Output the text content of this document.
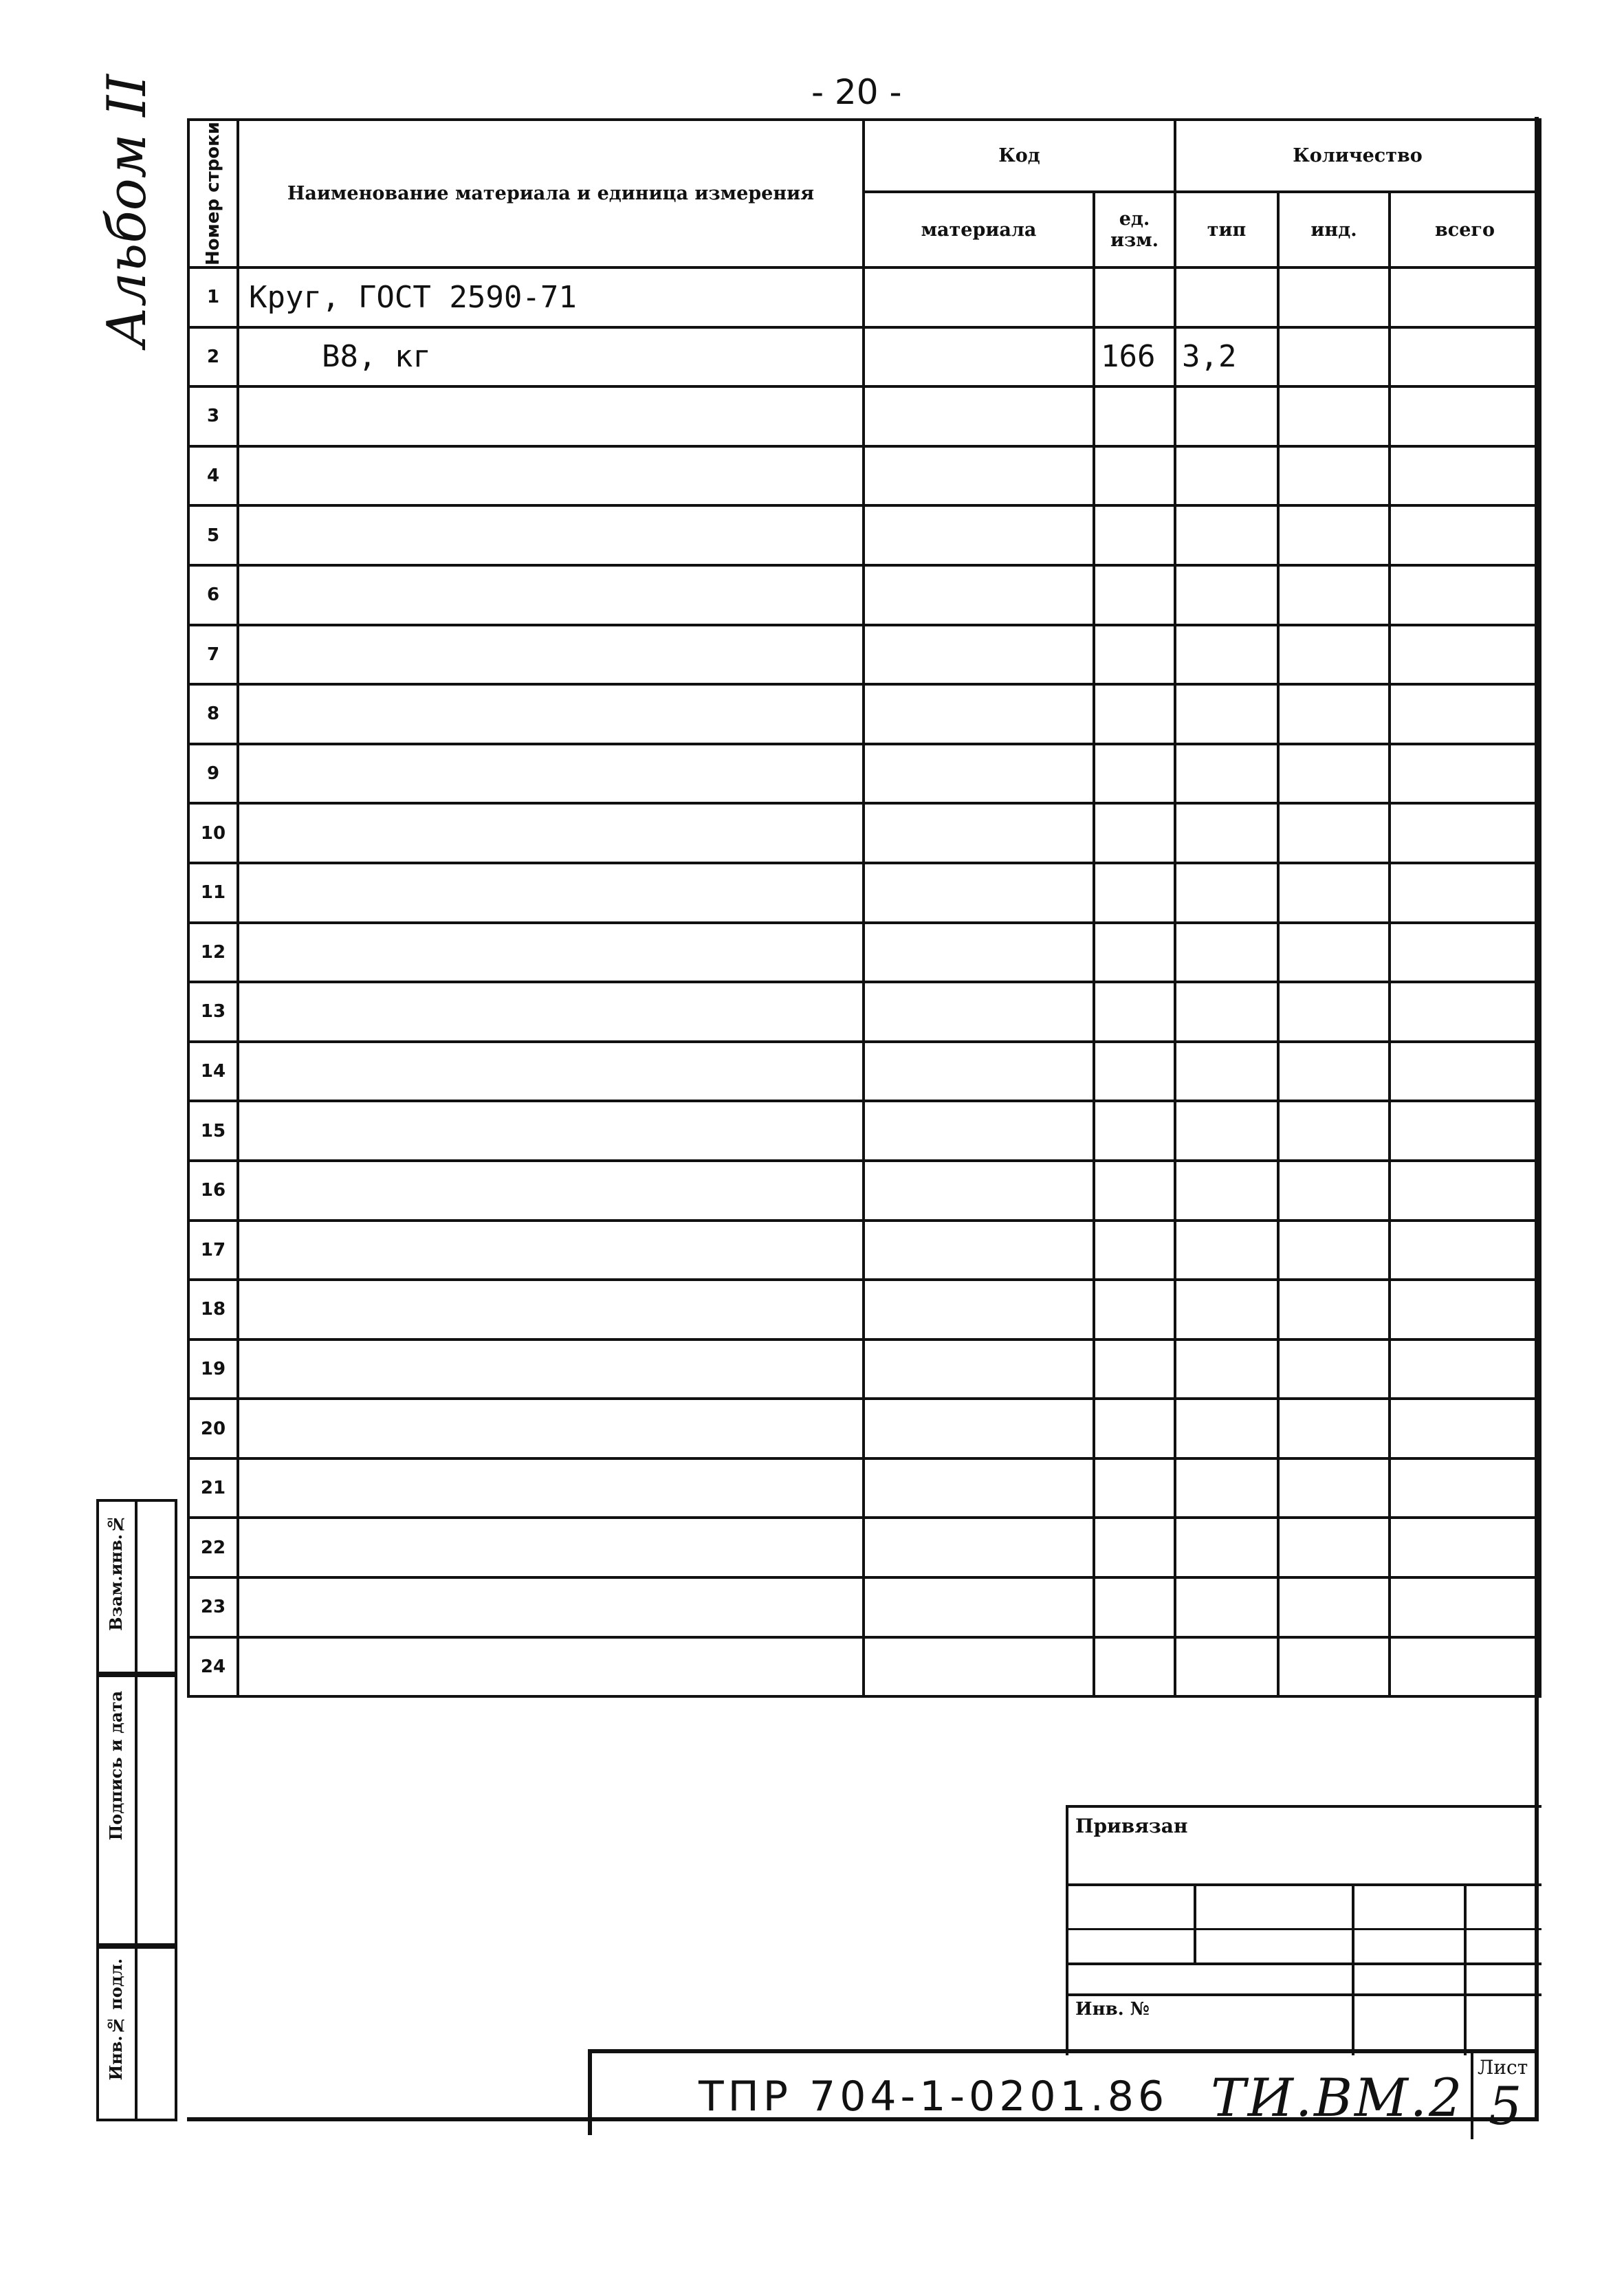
- 20 -
Альбом II	Номер строки	Наименование материала и единица измерения	Код		Количество		
		материала	ед. изм.	тип	инд.	всего
1	Круг, ГОСТ 2590-71					
2	В8, кг		166	3,2		
3						
4						
5						
6						
7						
8						
9						
10						
11						
12						
13						
14						
15						
16						
17						
18						
19						
20						
21						
22						
23						
24						
Взам.инв.№
Подпись и дата
Инв.№ подл.
Привязан
Инв. №
ТПР 704-1-0201.86 ТИ.ВМ.2 Лист
5
